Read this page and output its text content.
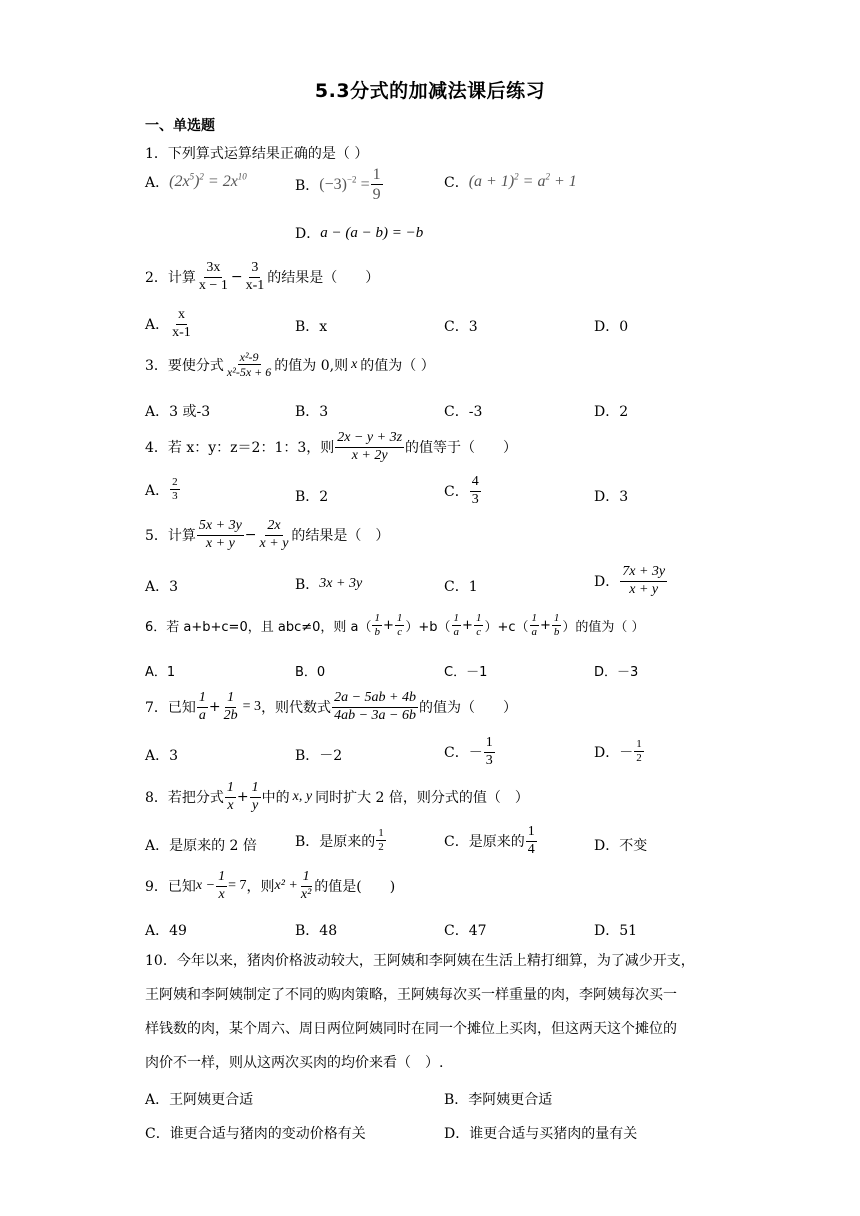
5.3分式的加减法课后练习
一、单选题
1．下列算式运算结果正确的是（ ）
A． $(2x^5)^2 = 2x^{10}$
B． $(-3)^{-2} = \frac{1}{9}$	C． $(a + 1)^2 = a^2 + 1$
D． a − (a − b) = −b
2．计算 $\frac{3x}{x - 1} - \frac{3}{x-1}$ 的结果是（　　）
A． $\frac{x}{x-1}$	B．x	C．3	D．0
3．要使分式 $\frac{\text{x²-9}}{\text{x²-5x + 6}}$ 的值为 0,则 x 的值为（ ）
A．3 或-3	B．3	C．-3	D．2
4．若 x：y：z＝2：1：3，则 $\frac{2x - y + 3z}{x + 2y}$ 的值等于（　　）
A． $\frac{2}{3}$	B．2	C． $\frac{4}{3}$	D．3
5．计算 $\frac{5x + 3y}{x + y} - \frac{2x}{x + y}$ 的结果是（　）
A．3	B． 3x + 3y	C．1	D． $\frac{7x + 3y}{x + y}$
6．若 a+b+c=0，且 abc≠0，则 $a( \frac{1}{b} + \frac{1}{c} )+b( \frac{1}{a} + \frac{1}{c} )+c( \frac{1}{a} + \frac{1}{b}$ ）的值为（ ）
A．1	B．0	C．－1	D．－3
7．已知 $\frac{1}{a} + \frac{1}{2b} = 3$ ，则代数式 $\frac{2a - 5ab + 4b}{4ab - 3a - 6b}$ 的值为（　　）
A．3	B．－2	C．－ $\frac{1}{3}$	D．－ $\frac{1}{2}$
8．若把分式 $\frac{1}{x} + \frac{1}{y}$ 中的 x, y 同时扩大 2 倍，则分式的值（　）
A．是原来的 2 倍	B．是原来的 $\frac{1}{2}$	C．是原来的 $\frac{1}{4}$	D．不变
9．已知 $x - \frac{1}{x} = 7$ ，则 $x^2 + \frac{1}{\text{x²}}$ 的值是(　　)
A．49	B．48	C．47	D．51
10．今年以来，猪肉价格波动较大，王阿姨和李阿姨在生活上精打细算，为了减少开支，
王阿姨和李阿姨制定了不同的购肉策略，王阿姨每次买一样重量的肉，李阿姨每次买一
样钱数的肉，某个周六、周日两位阿姨同时在同一个摊位上买肉，但这两天这个摊位的
肉价不一样，则从这两次买肉的均价来看（　）.
A．王阿姨更合适	B．李阿姨更合适
C．谁更合适与猪肉的变动价格有关	D．谁更合适与买猪肉的量有关
